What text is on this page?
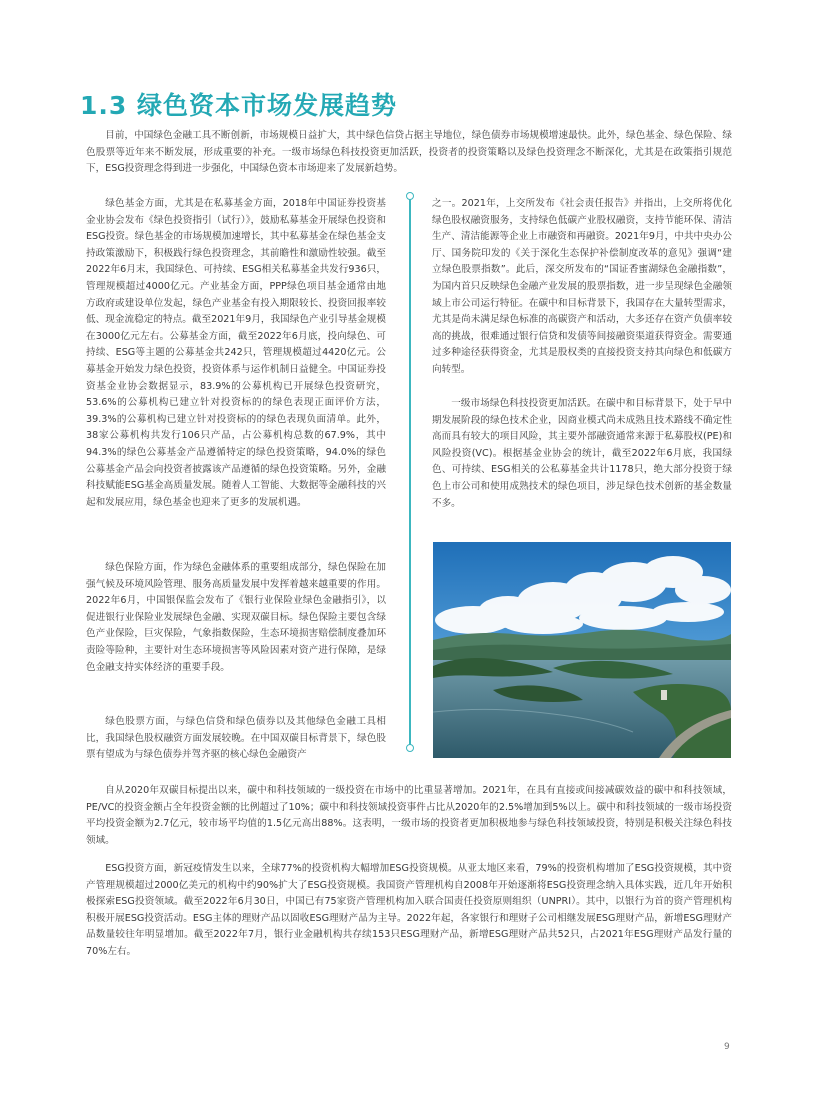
1.3 绿色资本市场发展趋势

目前，中国绿色金融工具不断创新，市场规模日益扩大，其中绿色信贷占据主导地位，绿色债券市场规模增速最快。此外，绿色基金、绿色保险、绿色股票等近年来不断发展，形成重要的补充。一级市场绿色科技投资更加活跃，投资者的投资策略以及绿色投资理念不断深化，尤其是在政策指引规范下，ESG投资理念得到进一步强化，中国绿色资本市场迎来了发展新趋势。

绿色基金方面，尤其是在私募基金方面，2018年中国证券投资基金业协会发布《绿色投资指引（试行）》，鼓励私募基金开展绿色投资和ESG投资。绿色基金的市场规模加速增长，其中私募基金在绿色基金支持政策激励下，积极践行绿色投资理念，其前瞻性和激励性较强。截至2022年6月末，我国绿色、可持续、ESG相关私募基金共发行936只，管理规模超过4000亿元。产业基金方面，PPP绿色项目基金通常由地方政府或建设单位发起，绿色产业基金有投入期限较长、投资回报率较低、现金流稳定的特点。截至2021年9月，我国绿色产业引导基金规模在3000亿元左右。公募基金方面，截至2022年6月底，投向绿色、可持续、ESG等主题的公募基金共242只，管理规模超过4420亿元。公募基金开始发力绿色投资，投资体系与运作机制日益健全。中国证券投资基金业协会数据显示，83.9%的公募机构已开展绿色投资研究，53.6%的公募机构已建立针对投资标的的绿色表现正面评价方法，39.3%的公募机构已建立针对投资标的的绿色表现负面清单。此外，38家公募机构共发行106只产品，占公募机构总数的67.9%，其中94.3%的绿色公募基金产品遵循特定的绿色投资策略，94.0%的绿色公募基金产品会向投资者披露该产品遵循的绿色投资策略。另外，金融科技赋能ESG基金高质量发展。随着人工智能、大数据等金融科技的兴起和发展应用，绿色基金也迎来了更多的发展机遇。

绿色保险方面，作为绿色金融体系的重要组成部分，绿色保险在加强气候及环境风险管理、服务高质量发展中发挥着越来越重要的作用。2022年6月，中国银保监会发布了《银行业保险业绿色金融指引》，以促进银行业保险业发展绿色金融、实现双碳目标。绿色保险主要包含绿色产业保险，巨灾保险，气象指数保险，生态环境损害赔偿制度叠加环责险等险种，主要针对生态环境损害等风险因素对资产进行保障，是绿色金融支持实体经济的重要手段。

绿色股票方面，与绿色信贷和绿色债券以及其他绿色金融工具相比，我国绿色股权融资方面发展较晚。在中国双碳目标背景下，绿色股票有望成为与绿色债券并驾齐驱的核心绿色金融资产

之一。2021年，上交所发布《社会责任报告》并指出，上交所将优化绿色股权融资服务，支持绿色低碳产业股权融资，支持节能环保、清洁生产、清洁能源等企业上市融资和再融资。2021年9月，中共中央办公厅、国务院印发的《关于深化生态保护补偿制度改革的意见》强调“建立绿色股票指数”。此后，深交所发布的“国证香蜜湖绿色金融指数”，为国内首只反映绿色金融产业发展的股票指数，进一步呈现绿色金融领域上市公司运行特征。在碳中和目标背景下，我国存在大量转型需求，尤其是尚未满足绿色标准的高碳资产和活动，大多还存在资产负债率较高的挑战，很难通过银行信贷和发债等间接融资渠道获得资金。需要通过多种途径获得资金，尤其是股权类的直接投资支持其向绿色和低碳方向转型。

一级市场绿色科技投资更加活跃。在碳中和目标背景下，处于早中期发展阶段的绿色技术企业，因商业模式尚未成熟且技术路线不确定性高而具有较大的项目风险，其主要外部融资通常来源于私募股权(PE)和风险投资(VC)。根据基金业协会的统计，截至2022年6月底，我国绿色、可持续、ESG相关的公私募基金共计1178只，绝大部分投资于绿色上市公司和使用成熟技术的绿色项目，涉足绿色技术创新的基金数量不多。

自从2020年双碳目标提出以来，碳中和科技领域的一级投资在市场中的比重显著增加。2021年，在具有直接或间接减碳效益的碳中和科技领域，PE/VC的投资金额占全年投资金额的比例超过了10%；碳中和科技领域投资事件占比从2020年的2.5%增加到5%以上。碳中和科技领域的一级市场投资平均投资金额为2.7亿元，较市场平均值的1.5亿元高出88%。这表明，一级市场的投资者更加积极地参与绿色科技领域投资，特别是积极关注绿色科技领域。

ESG投资方面，新冠疫情发生以来，全球77%的投资机构大幅增加ESG投资规模。从亚太地区来看，79%的投资机构增加了ESG投资规模，其中资产管理规模超过2000亿美元的机构中约90%扩大了ESG投资规模。我国资产管理机构自2008年开始逐渐将ESG投资理念纳入具体实践，近几年开始积极探索ESG投资领域。截至2022年6月30日，中国已有75家资产管理机构加入联合国责任投资原则组织（UNPRI）。其中，以银行为首的资产管理机构积极开展ESG投资活动。ESG主体的理财产品以固收ESG理财产品为主导。2022年起，各家银行和理财子公司相继发展ESG理财产品，新增ESG理财产品数量较往年明显增加。截至2022年7月，银行业金融机构共存续153只ESG理财产品，新增ESG理财产品共52只，占2021年ESG理财产品发行量的70%左右。

9
